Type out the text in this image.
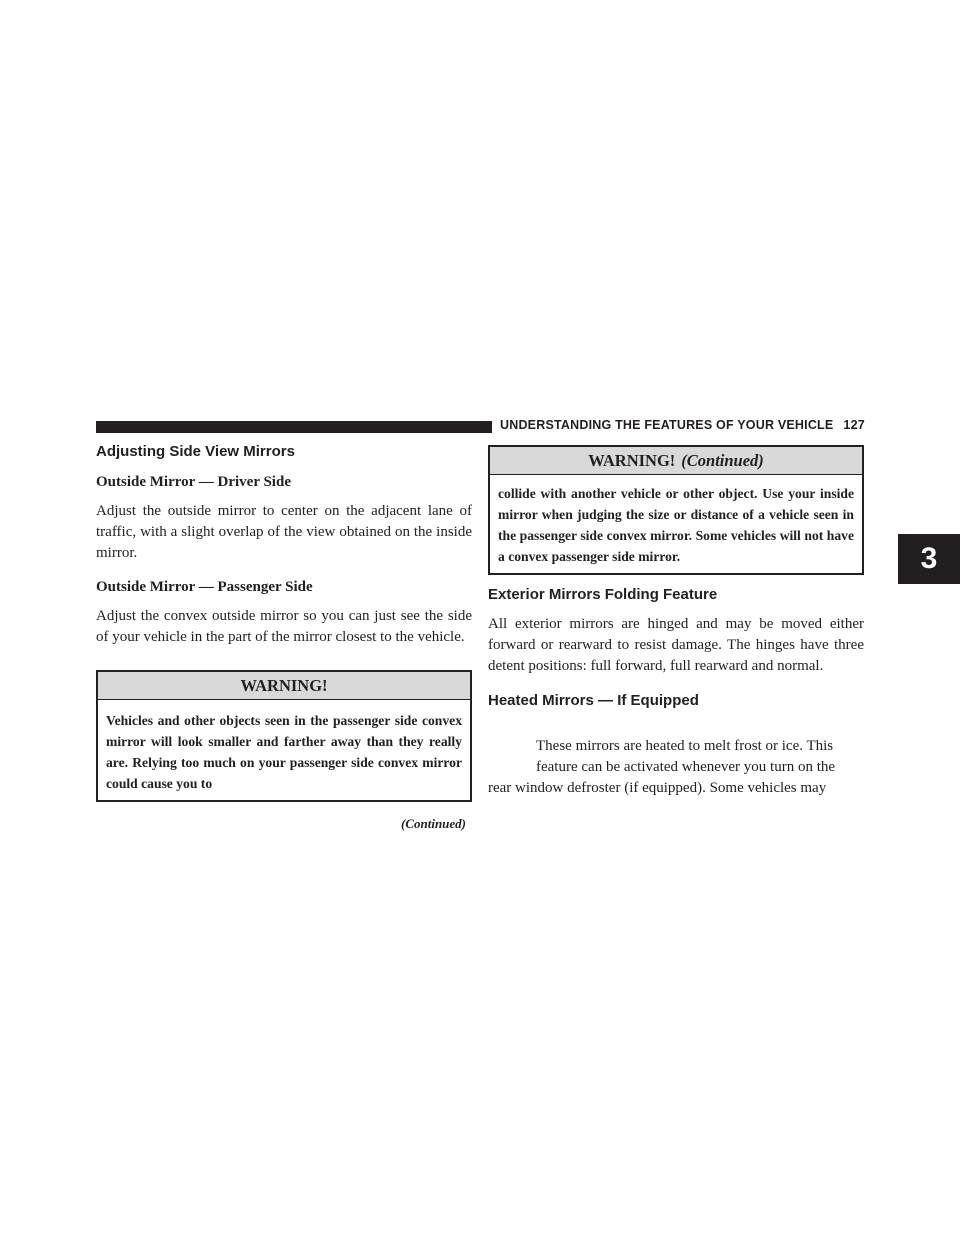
UNDERSTANDING THE FEATURES OF YOUR VEHICLE 127
3
Adjusting Side View Mirrors
Outside Mirror — Driver Side

Adjust the outside mirror to center on the adjacent lane of traffic, with a slight overlap of the view obtained on the inside mirror.

Outside Mirror — Passenger Side

Adjust the convex outside mirror so you can just see the side of your vehicle in the part of the mirror closest to the vehicle.

WARNING!
Vehicles and other objects seen in the passenger side convex mirror will look smaller and farther away than they really are. Relying too much on your passenger side convex mirror could cause you to
(Continued)
WARNING! (Continued)
collide with another vehicle or other object. Use your inside mirror when judging the size or distance of a vehicle seen in the passenger side convex mirror. Some vehicles will not have a convex passenger side mirror.
Exterior Mirrors Folding Feature

All exterior mirrors are hinged and may be moved either forward or rearward to resist damage. The hinges have three detent positions: full forward, full rearward and normal.

Heated Mirrors — If Equipped

These mirrors are heated to melt frost or ice. This

feature can be activated whenever you turn on the

rear window defroster (if equipped). Some vehicles may
